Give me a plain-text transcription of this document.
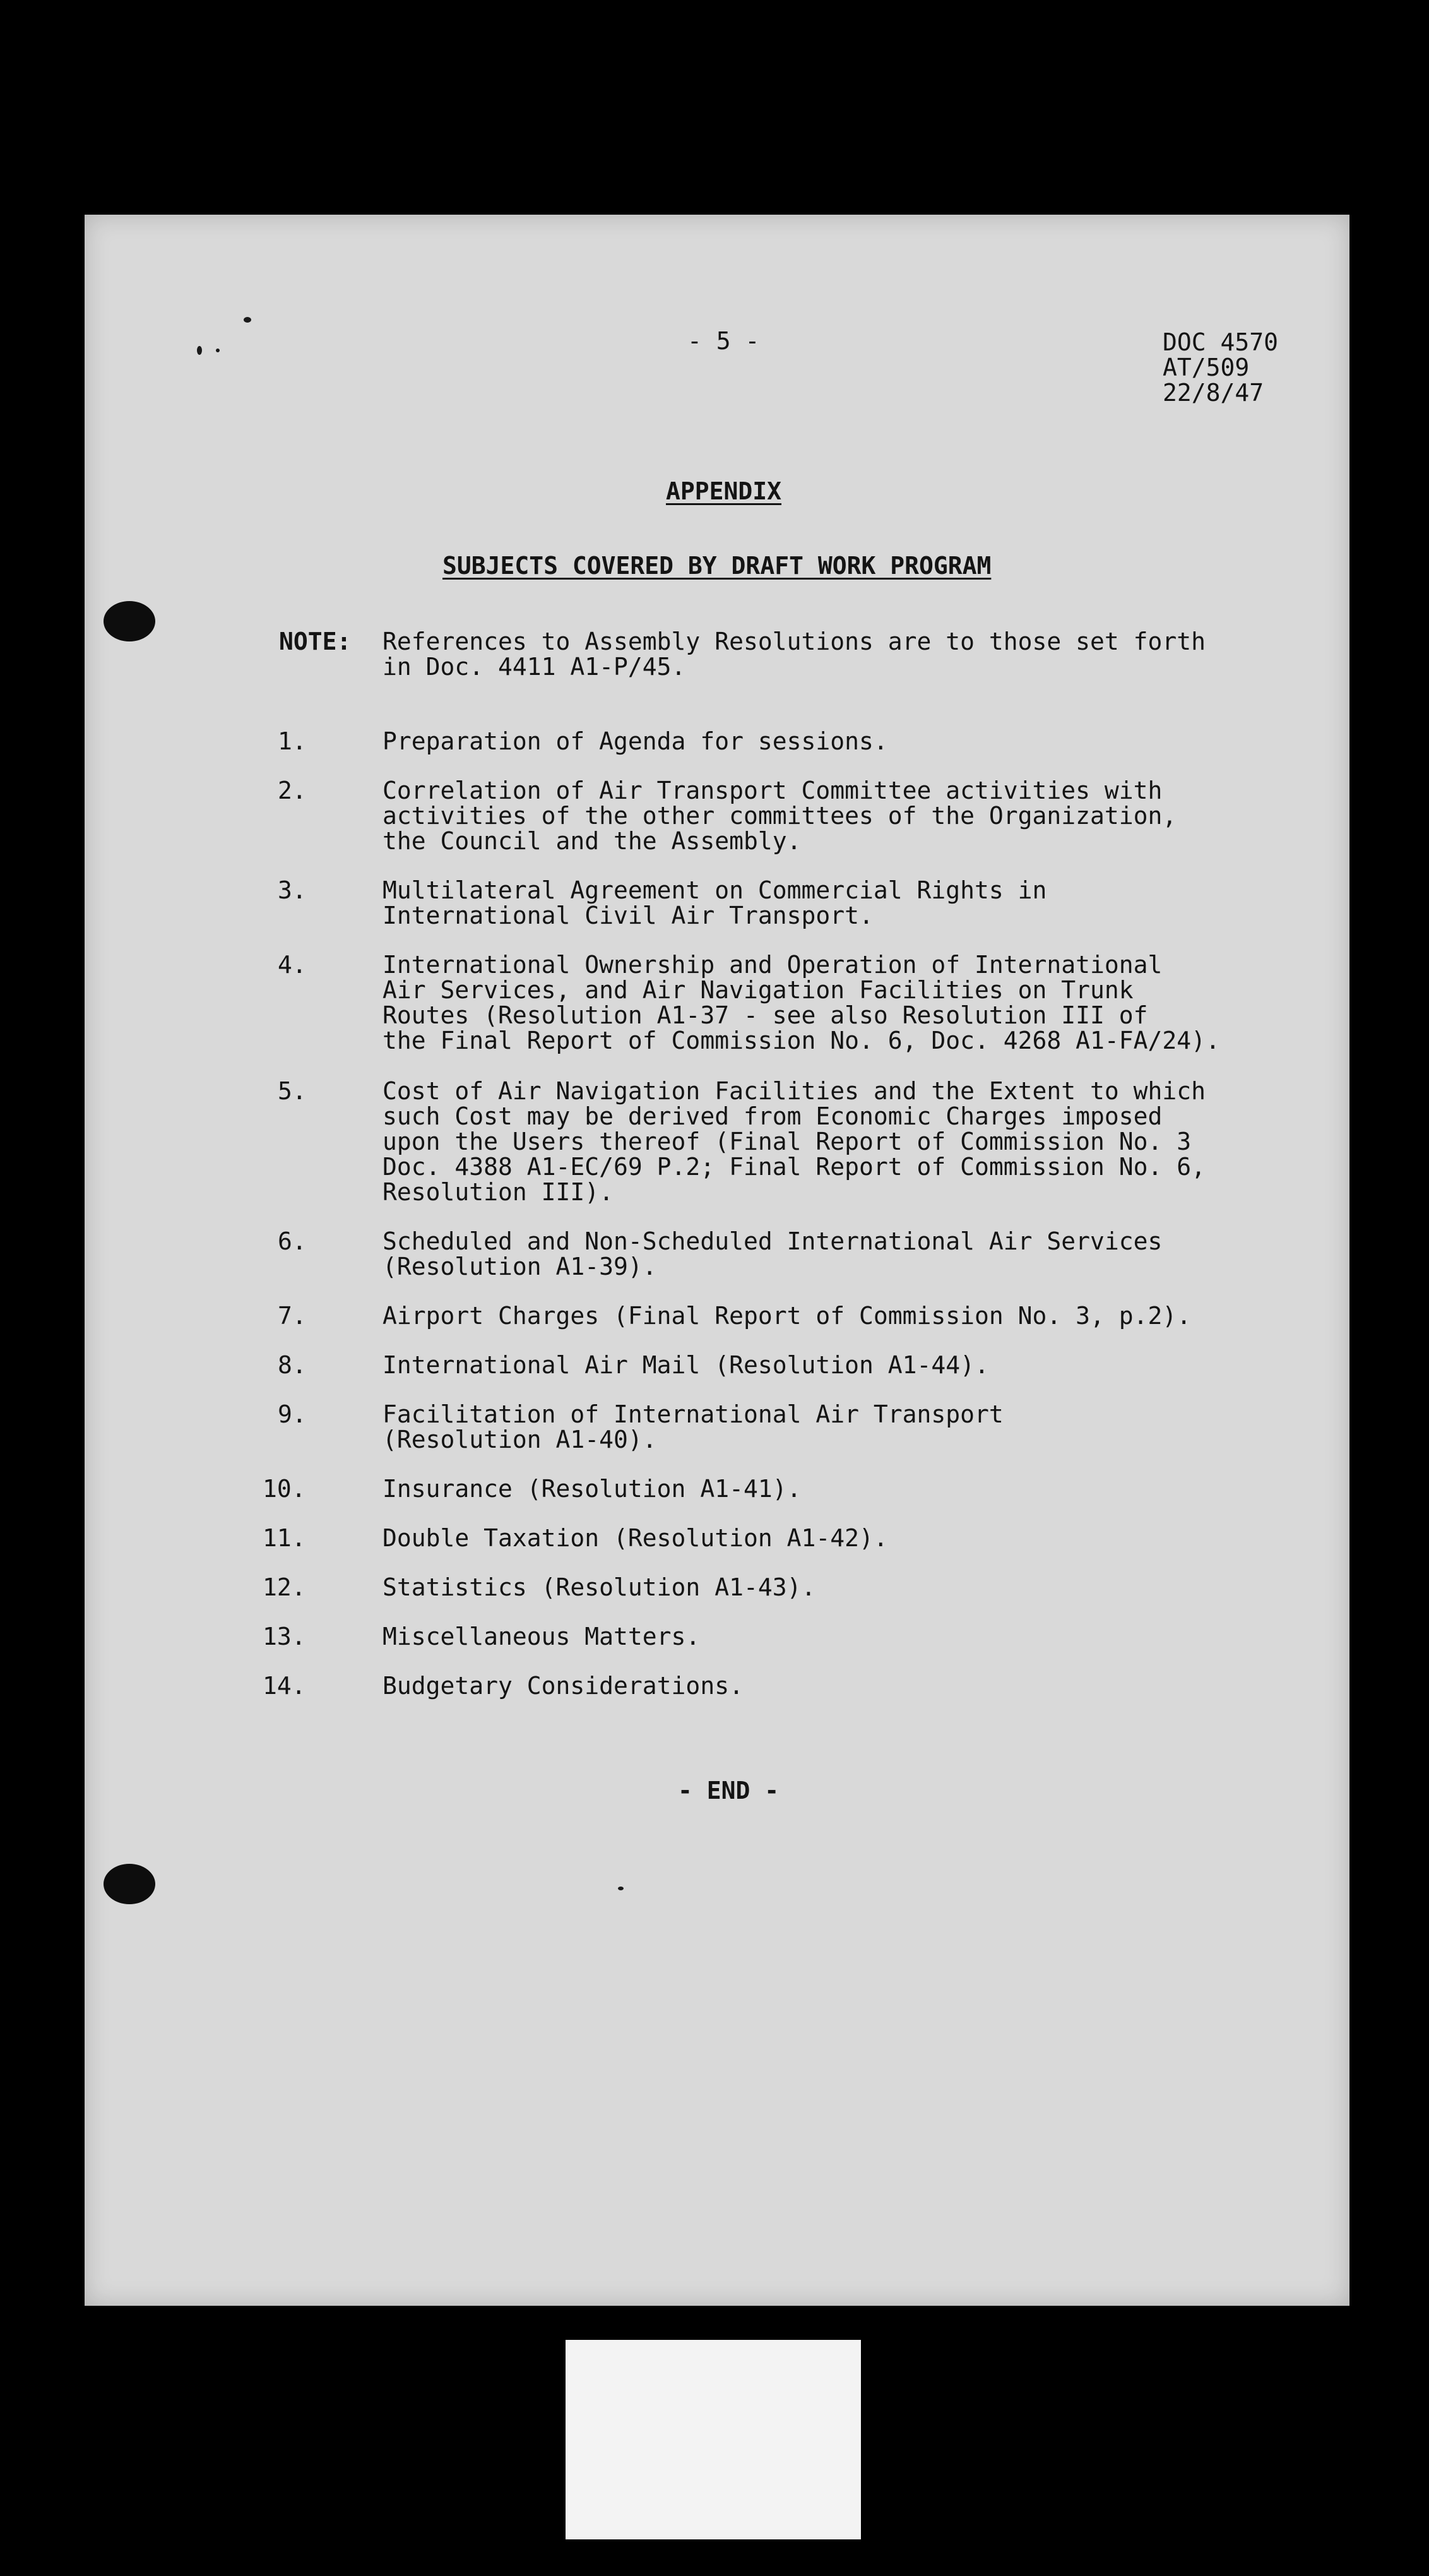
- 5 -	DOC 4570
AT/509
22/8/47
APPENDIX
SUBJECTS COVERED BY DRAFT WORK PROGRAM
NOTE: References to Assembly Resolutions are to those set forth
in Doc. 4411 A1-P/45.
1.	Preparation of Agenda for sessions.
2.	Correlation of Air Transport Committee activities with
activities of the other committees of the Organization,
the Council and the Assembly.
3.	Multilateral Agreement on Commercial Rights in
International Civil Air Transport.
4.	International Ownership and Operation of International
Air Services, and Air Navigation Facilities on Trunk
Routes (Resolution A1-37 - see also Resolution III of
the Final Report of Commission No. 6, Doc. 4268 A1-FA/24).
5.	Cost of Air Navigation Facilities and the Extent to which
such Cost may be derived from Economic Charges imposed
upon the Users thereof (Final Report of Commission No. 3
Doc. 4388 A1-EC/69 P.2; Final Report of Commission No. 6,
Resolution III).
6.	Scheduled and Non-Scheduled International Air Services
(Resolution A1-39).
7.	Airport Charges (Final Report of Commission No. 3, p.2).
8.	International Air Mail (Resolution A1-44).
9.	Facilitation of International Air Transport
(Resolution A1-40).
10.	Insurance (Resolution A1-41).
11.	Double Taxation (Resolution A1-42).
12.	Statistics (Resolution A1-43).
13.	Miscellaneous Matters.
14.	Budgetary Considerations.
- END -
